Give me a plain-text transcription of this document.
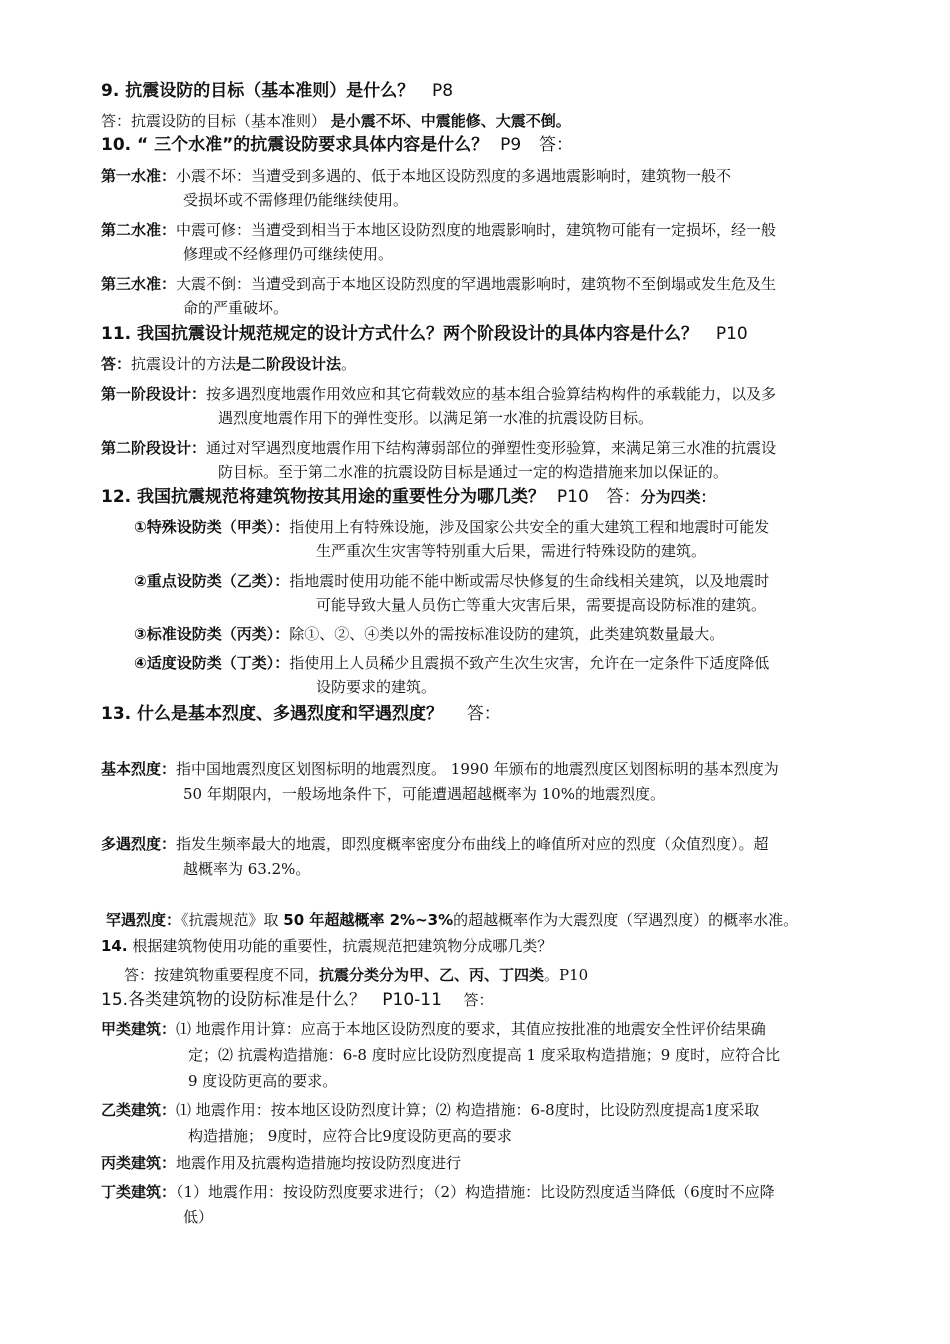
9. 抗震设防的目标（基本准则）是什么？ P8
答：抗震设防的目标（基本准则） 是小震不坏、中震能修、大震不倒。
10. “ 三个水准”的抗震设防要求具体内容是什么？ P9 答：
第一水准：小震不坏：当遭受到多遇的、低于本地区设防烈度的多遇地震影响时，建筑物一般不
受损坏或不需修理仍能继续使用。
第二水准：中震可修：当遭受到相当于本地区设防烈度的地震影响时，建筑物可能有一定损坏，经一般
修理或不经修理仍可继续使用。
第三水准：大震不倒：当遭受到高于本地区设防烈度的罕遇地震影响时，建筑物不至倒塌或发生危及生
命的严重破坏。
11. 我国抗震设计规范规定的设计方式什么？两个阶段设计的具体内容是什么？ P10
答：抗震设计的方法是二阶段设计法。
第一阶段设计：按多遇烈度地震作用效应和其它荷载效应的基本组合验算结构构件的承载能力，以及多
遇烈度地震作用下的弹性变形。以满足第一水准的抗震设防目标。
第二阶段设计：通过对罕遇烈度地震作用下结构薄弱部位的弹塑性变形验算，来满足第三水准的抗震设
防目标。至于第二水准的抗震设防目标是通过一定的构造措施来加以保证的。
12. 我国抗震规范将建筑物按其用途的重要性分为哪几类？ P10 答：分为四类：
①特殊设防类（甲类）：指使用上有特殊设施，涉及国家公共安全的重大建筑工程和地震时可能发
生严重次生灾害等特别重大后果，需进行特殊设防的建筑。
②重点设防类（乙类）：指地震时使用功能不能中断或需尽快修复的生命线相关建筑，以及地震时
可能导致大量人员伤亡等重大灾害后果，需要提高设防标准的建筑。
③标准设防类（丙类）：除①、②、④类以外的需按标准设防的建筑，此类建筑数量最大。
④适度设防类（丁类）：指使用上人员稀少且震损不致产生次生灾害，允许在一定条件下适度降低
设防要求的建筑。
13. 什么是基本烈度、多遇烈度和罕遇烈度？ 答：
基本烈度：指中国地震烈度区划图标明的地震烈度。 1990 年颁布的地震烈度区划图标明的基本烈度为
50 年期限内，一般场地条件下，可能遭遇超越概率为 10%的地震烈度。
多遇烈度：指发生频率最大的地震，即烈度概率密度分布曲线上的峰值所对应的烈度（众值烈度）。超
越概率为 63.2%。
罕遇烈度：《抗震规范》取 50 年超越概率 2%~3%的超越概率作为大震烈度（罕遇烈度）的概率水准。
14. 根据建筑物使用功能的重要性，抗震规范把建筑物分成哪几类？
答：按建筑物重要程度不同，抗震分类分为甲、乙、丙、丁四类。P10
15.各类建筑物的设防标准是什么？ P10-11 答：
甲类建筑：⑴ 地震作用计算：应高于本地区设防烈度的要求，其值应按批准的地震安全性评价结果确
定；⑵ 抗震构造措施：6-8 度时应比设防烈度提高 1 度采取构造措施；9 度时，应符合比
9 度设防更高的要求。
乙类建筑：⑴ 地震作用：按本地区设防烈度计算；⑵ 构造措施：6-8度时，比设防烈度提高1度采取
构造措施； 9度时，应符合比9度设防更高的要求
丙类建筑：地震作用及抗震构造措施均按设防烈度进行
丁类建筑：（1）地震作用：按设防烈度要求进行；（2）构造措施：比设防烈度适当降低（6度时不应降
低）
